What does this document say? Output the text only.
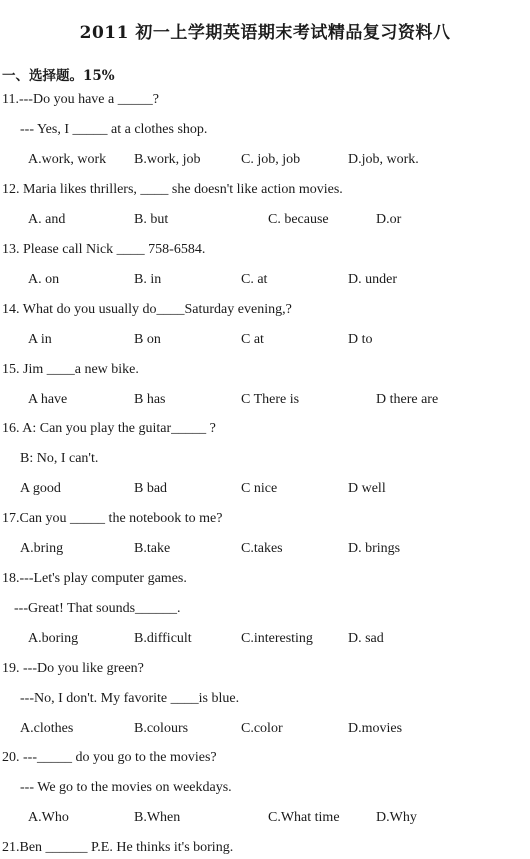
2011 初一上学期英语期末考试精品复习资料八
一、选择题。15%
11.---Do you have a _____?
--- Yes, I _____ at a clothes shop.
A.work, work B.work, job	C. job, job	D.job, work.
12. Maria likes thrillers, ____ she doesn't like action movies.
A. and	B. but	C. because	D.or
13. Please call Nick ____ 758-6584.
A. on	B. in	C. at	D. under
14. What do you usually do____Saturday evening,?
A in	B on	C at	D to
15. Jim ____a new bike.
A have	B has	C There is	D there are
16. A: Can you play the guitar_____ ?
B: No, I can't.
A good	B bad	C nice	D well
17.Can you _____ the notebook to me?
A.bring	B.take	C.takes	D. brings
18.---Let's play computer games.
---Great! That sounds______.
A.boring	B.difficult	C.interesting	D. sad
19. ---Do you like green?
---No, I don't. My favorite ____is blue.
A.clothes	B.colours	C.color	D.movies
20. ---_____ do you go to the movies?
--- We go to the movies on weekdays.
A.Who	B.When	C.What time	D.Why
21.Ben ______ P.E. He thinks it's boring.
